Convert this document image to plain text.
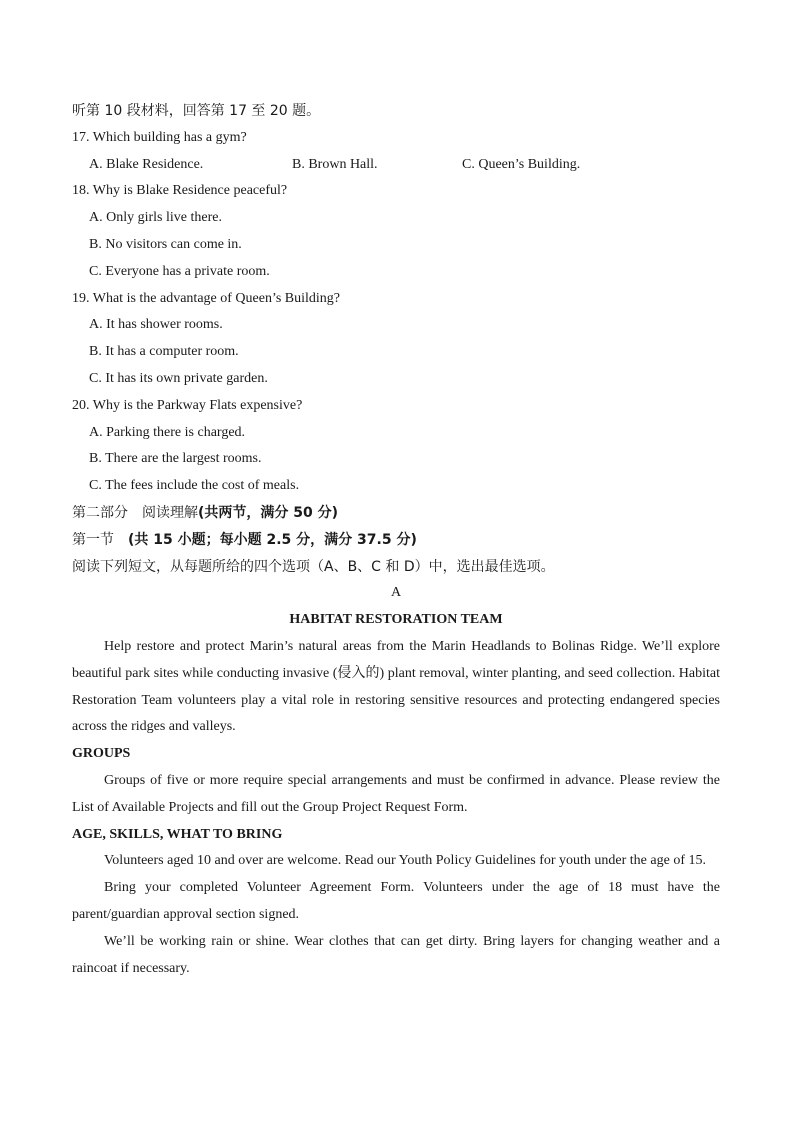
听第 10 段材料，回答第 17 至 20 题。
17. Which building has a gym?
A. Blake Residence.	B. Brown Hall.	C. Queen’s Building.
18. Why is Blake Residence peaceful?
A. Only girls live there.
B. No visitors can come in.
C. Everyone has a private room.
19. What is the advantage of Queen’s Building?
A. It has shower rooms.
B. It has a computer room.
C. It has its own private garden.
20. Why is the Parkway Flats expensive?
A. Parking there is charged.
B. There are the largest rooms.
C. The fees include the cost of meals.
第二部分　阅读理解(共两节，满分 50 分)
第一节　(共 15 小题；每小题 2.5 分，满分 37.5 分)
阅读下列短文，从每题所给的四个选项（A、B、C 和 D）中，选出最佳选项。
A
HABITAT RESTORATION TEAM

Help restore and protect Marin’s natural areas from the Marin Headlands to Bolinas Ridge. We’ll explore beautiful park sites while conducting invasive (侵入的) plant removal, winter planting, and seed collection. Habitat Restoration Team volunteers play a vital role in restoring sensitive resources and protecting endangered species across the ridges and valleys.

GROUPS

Groups of five or more require special arrangements and must be confirmed in advance. Please review the List of Available Projects and fill out the Group Project Request Form.

AGE, SKILLS, WHAT TO BRING

Volunteers aged 10 and over are welcome. Read our Youth Policy Guidelines for youth under the age of 15.

Bring your completed Volunteer Agreement Form. Volunteers under the age of 18 must have the parent/guardian approval section signed.

We’ll be working rain or shine. Wear clothes that can get dirty. Bring layers for changing weather and a raincoat if necessary.
